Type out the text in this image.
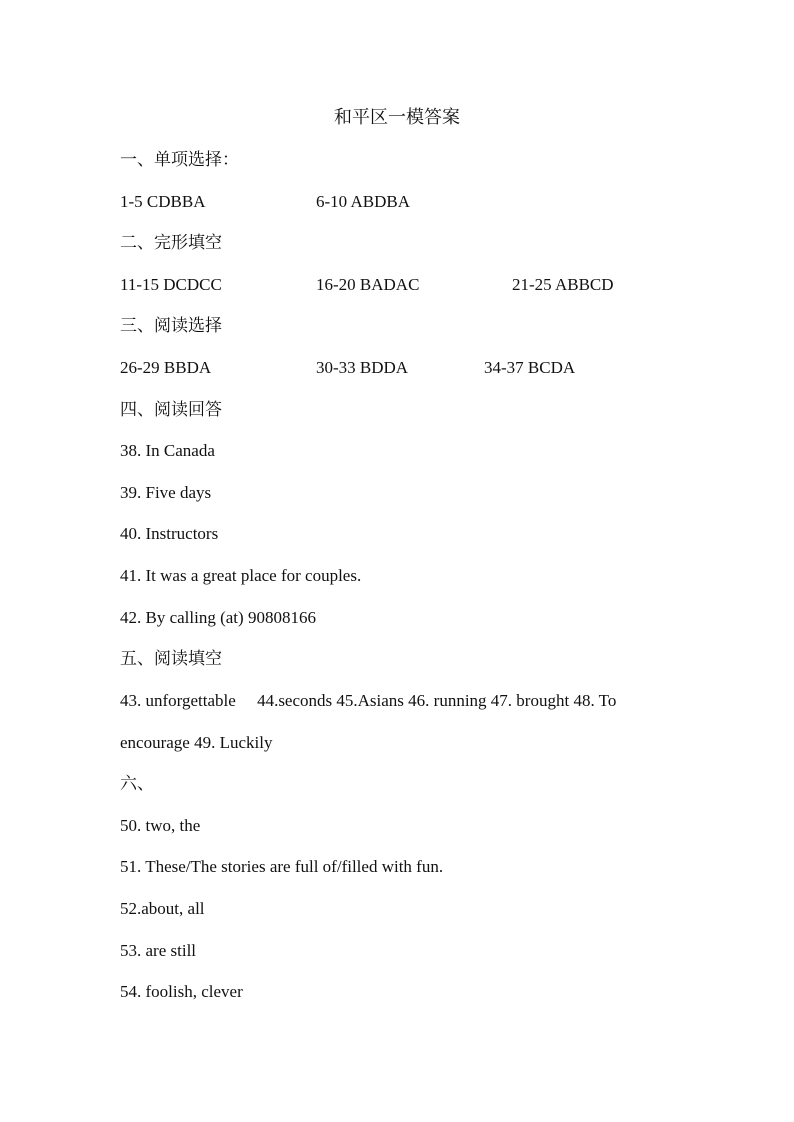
和平区一模答案
一、单项选择：
1-5 CDBBA	6-10 ABDBA
二、完形填空
11-15 DCDCC	16-20 BADAC	21-25 ABBCD
三、阅读选择
26-29 BBDA	30-33 BDDA	34-37 BCDA
四、阅读回答
38. In Canada
39. Five days
40. Instructors
41. It was a great place for couples.
42. By calling (at) 90808166
五、阅读填空
43. unforgettable     44.seconds 45.Asians 46. running 47. brought 48. To
encourage 49. Luckily
六、
50. two, the
51. These/The stories are full of/filled with fun.
52.about, all
53. are still
54. foolish, clever
